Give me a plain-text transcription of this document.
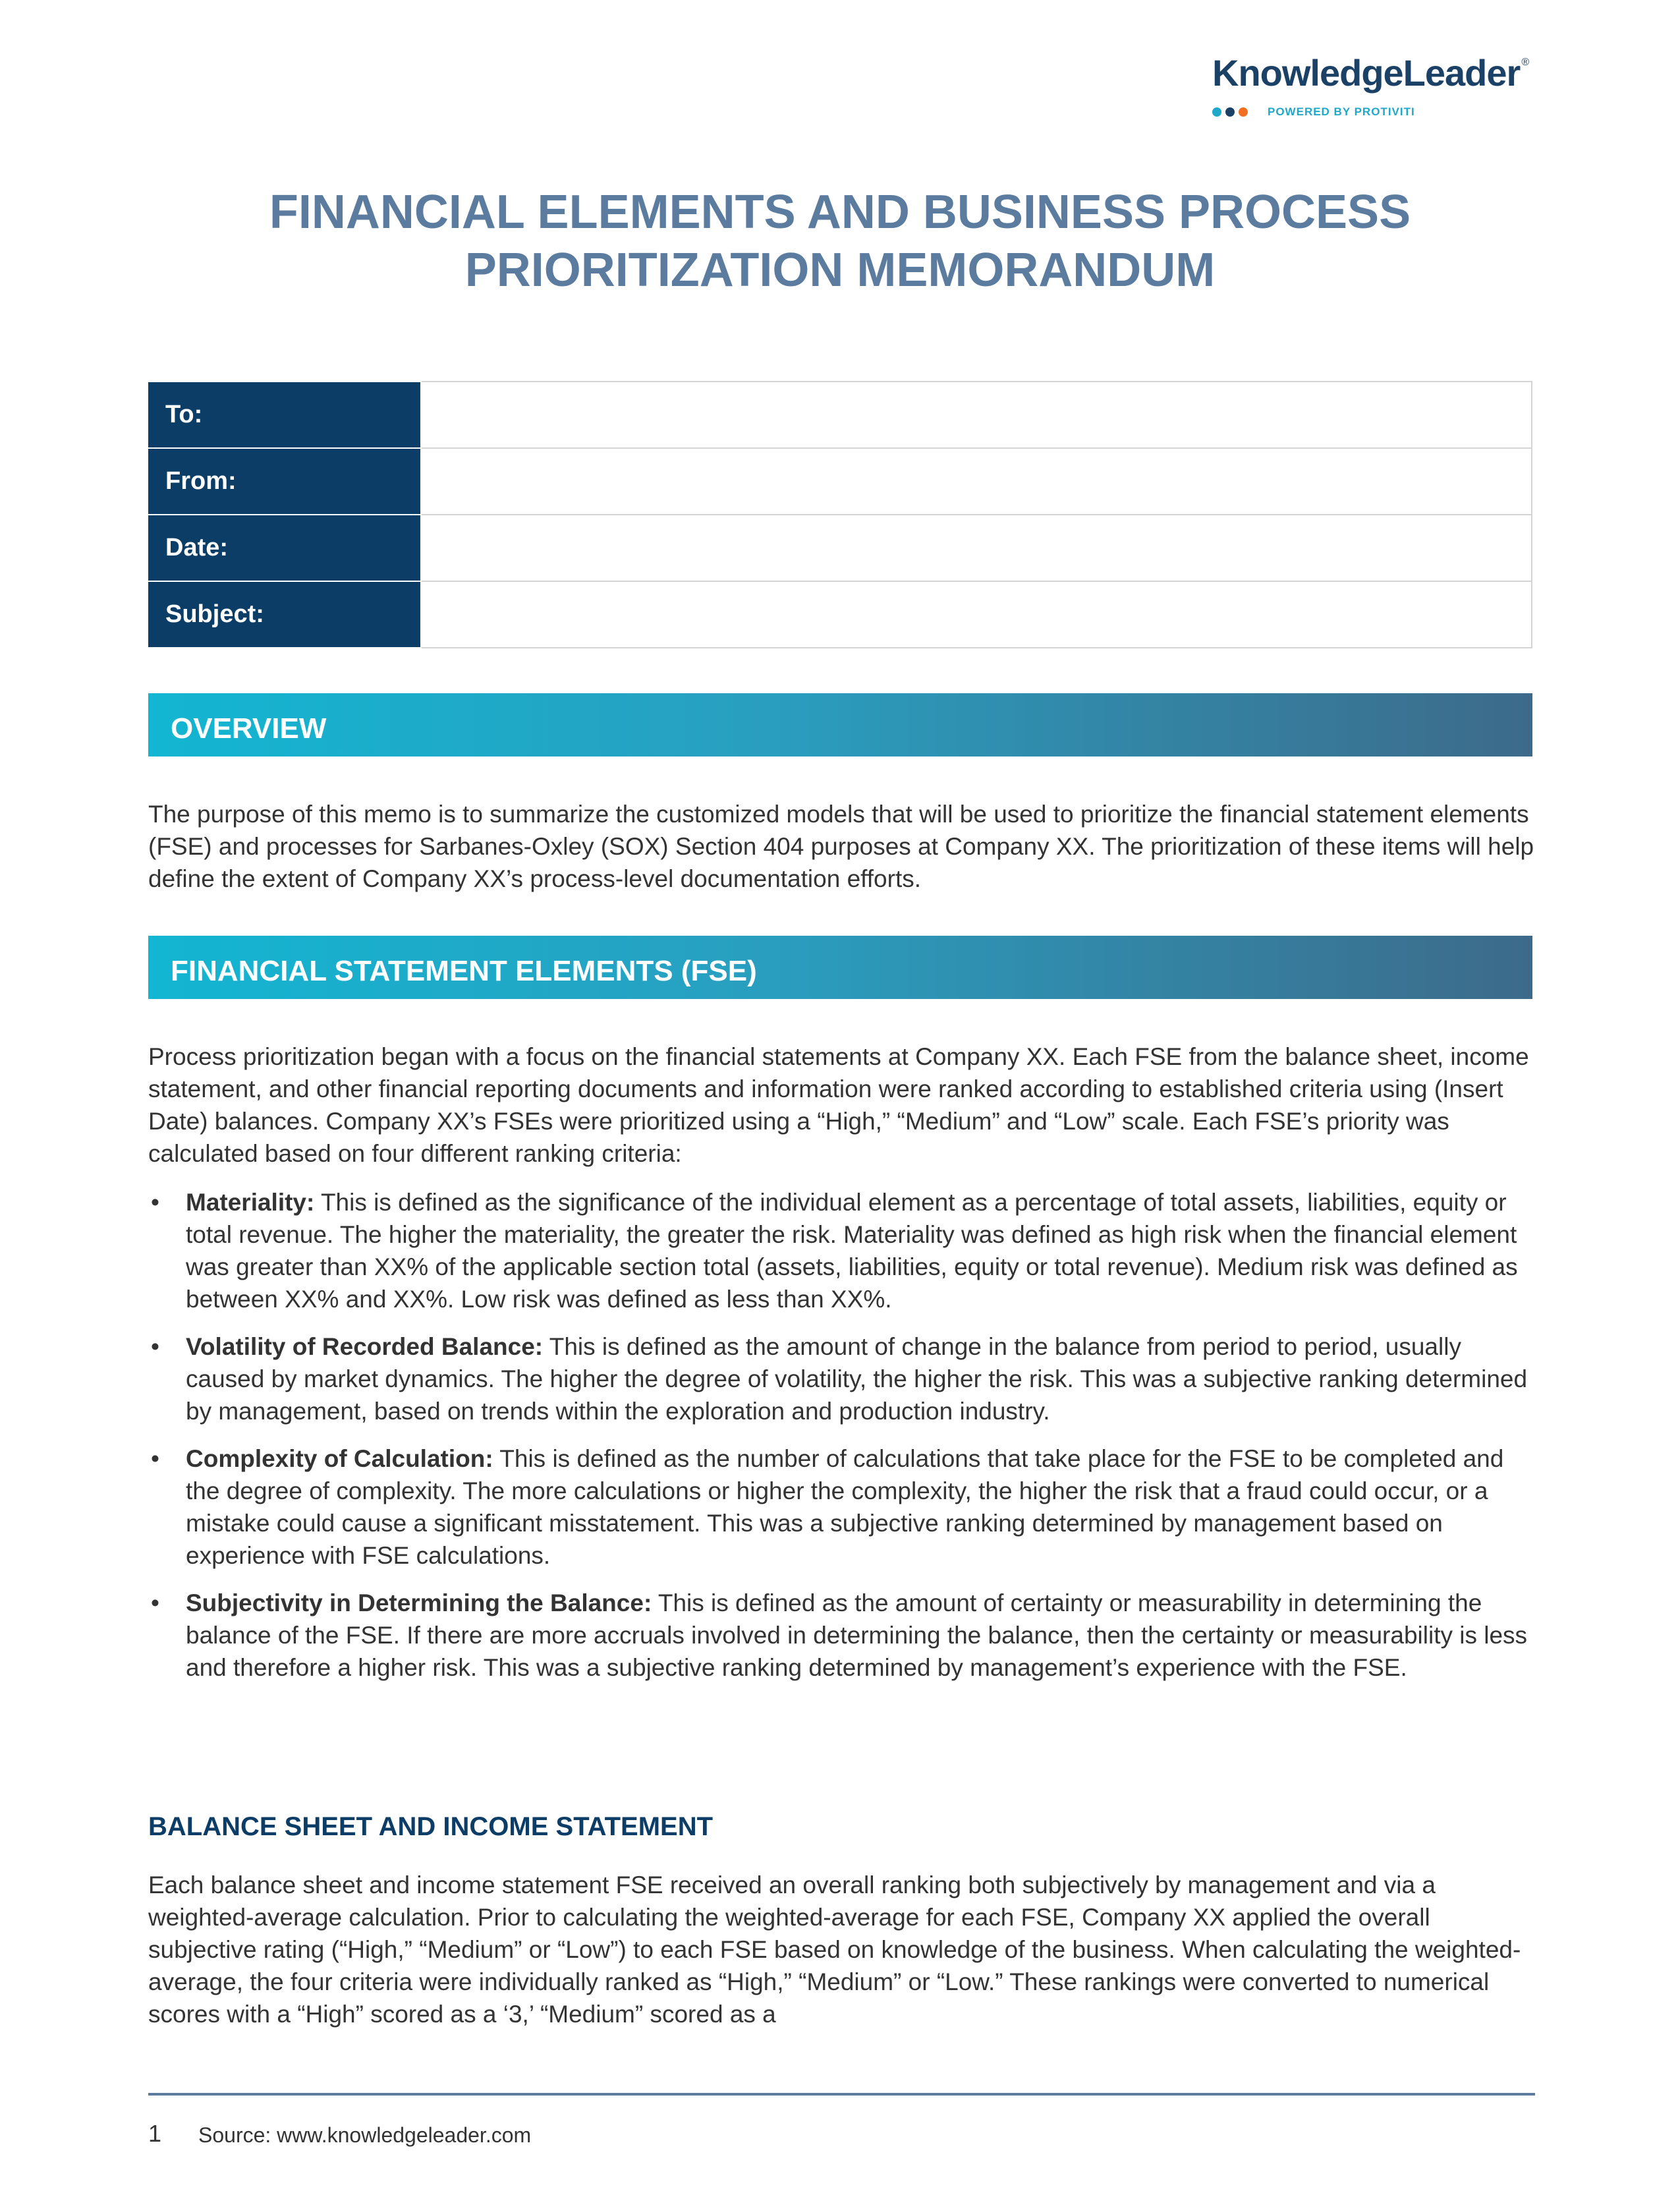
KnowledgeLeader ®
POWERED BY PROTIVITI
FINANCIAL ELEMENTS AND BUSINESS PROCESS
PRIORITIZATION MEMORANDUM
To:	
From:	
Date:	
Subject:	
OVERVIEW

The purpose of this memo is to summarize the customized models that will be used to prioritize the financial statement elements (FSE) and processes for Sarbanes-Oxley (SOX) Section 404 purposes at Company XX. The prioritization of these items will help define the extent of Company XX’s process-level documentation efforts.

FINANCIAL STATEMENT ELEMENTS (FSE)

Process prioritization began with a focus on the financial statements at Company XX. Each FSE from the balance sheet, income statement, and other financial reporting documents and information were ranked according to established criteria using (Insert Date) balances. Company XX’s FSEs were prioritized using a “High,” “Medium” and “Low” scale. Each FSE’s priority was calculated based on four different ranking criteria:

• Materiality: This is defined as the significance of the individual element as a percentage of total assets, liabilities, equity or total revenue. The higher the materiality, the greater the risk. Materiality was defined as high risk when the financial element was greater than XX% of the applicable section total (assets, liabilities, equity or total revenue). Medium risk was defined as between XX% and XX%. Low risk was defined as less than XX%.
• Volatility of Recorded Balance: This is defined as the amount of change in the balance from period to period, usually caused by market dynamics. The higher the degree of volatility, the higher the risk. This was a subjective ranking determined by management, based on trends within the exploration and production industry.
• Complexity of Calculation: This is defined as the number of calculations that take place for the FSE to be completed and the degree of complexity. The more calculations or higher the complexity, the higher the risk that a fraud could occur, or a mistake could cause a significant misstatement. This was a subjective ranking determined by management based on experience with FSE calculations.
• Subjectivity in Determining the Balance: This is defined as the amount of certainty or measurability in determining the balance of the FSE. If there are more accruals involved in determining the balance, then the certainty or measurability is less and therefore a higher risk. This was a subjective ranking determined by management’s experience with the FSE.
BALANCE SHEET AND INCOME STATEMENT

Each balance sheet and income statement FSE received an overall ranking both subjectively by management and via a weighted-average calculation. Prior to calculating the weighted-average for each FSE, Company XX applied the overall subjective rating (“High,” “Medium” or “Low”) to each FSE based on knowledge of the business. When calculating the weighted-average, the four criteria were individually ranked as “High,” “Medium” or “Low.” These rankings were converted to numerical scores with a “High” scored as a ‘3,’ “Medium” scored as a

1 Source: www.knowledgeleader.com
